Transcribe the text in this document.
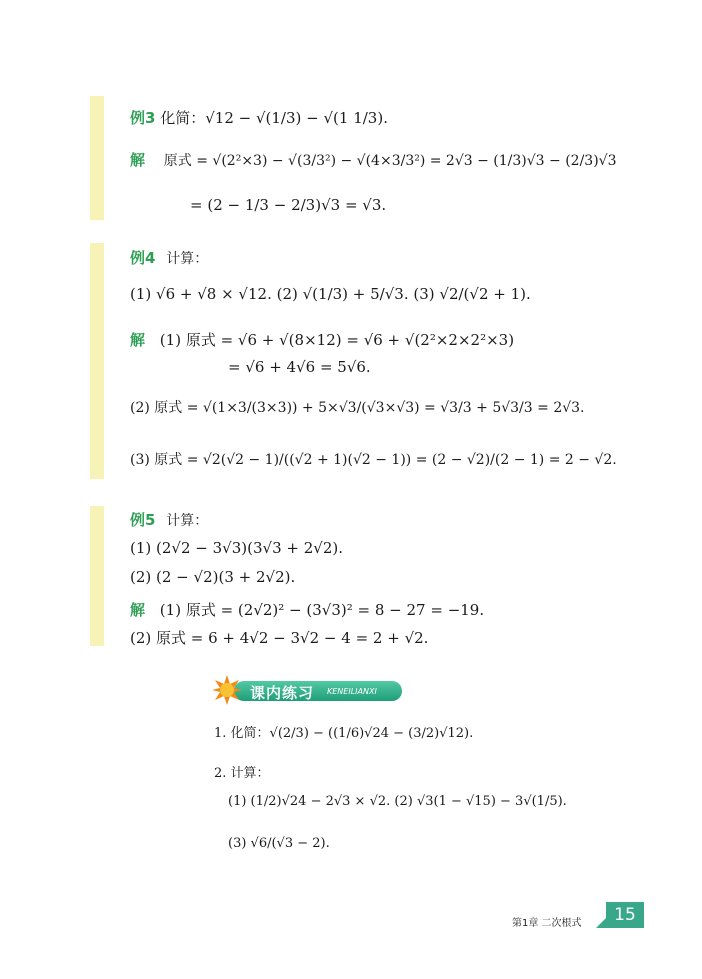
例3 化简：√12 − √(1/3) − √(1 1/3).
解 原式 = √(2²×3) − √(3/3²) − √(4×3/3²) = 2√3 − (1/3)√3 − (2/3)√3
= (2 − 1/3 − 2/3)√3 = √3.
例4 计算：
(1) √6 + √8 × √12. (2) √(1/3) + 5/√3. (3) √2/(√2 + 1).
解 (1) 原式 = √6 + √(8×12) = √6 + √(2²×2×2²×3)
= √6 + 4√6 = 5√6.
(2) 原式 = √(1×3/(3×3)) + 5×√3/(√3×√3) = √3/3 + 5√3/3 = 2√3.
(3) 原式 = √2(√2 − 1)/((√2 + 1)(√2 − 1)) = (2 − √2)/(2 − 1) = 2 − √2.
例5 计算：
(1) (2√2 − 3√3)(3√3 + 2√2).
(2) (2 − √2)(3 + 2√2).
解 (1) 原式 = (2√2)² − (3√3)² = 8 − 27 = −19.
(2) 原式 = 6 + 4√2 − 3√2 − 4 = 2 + √2.
课内练习 KENEILIANXI
1. 化简：√(2/3) − ((1/6)√24 − (3/2)√12).
2. 计算：
(1) (1/2)√24 − 2√3 × √2. (2) √3(1 − √15) − 3√(1/5).
(3) √6/(√3 − 2).
第1章 二次根式	15
